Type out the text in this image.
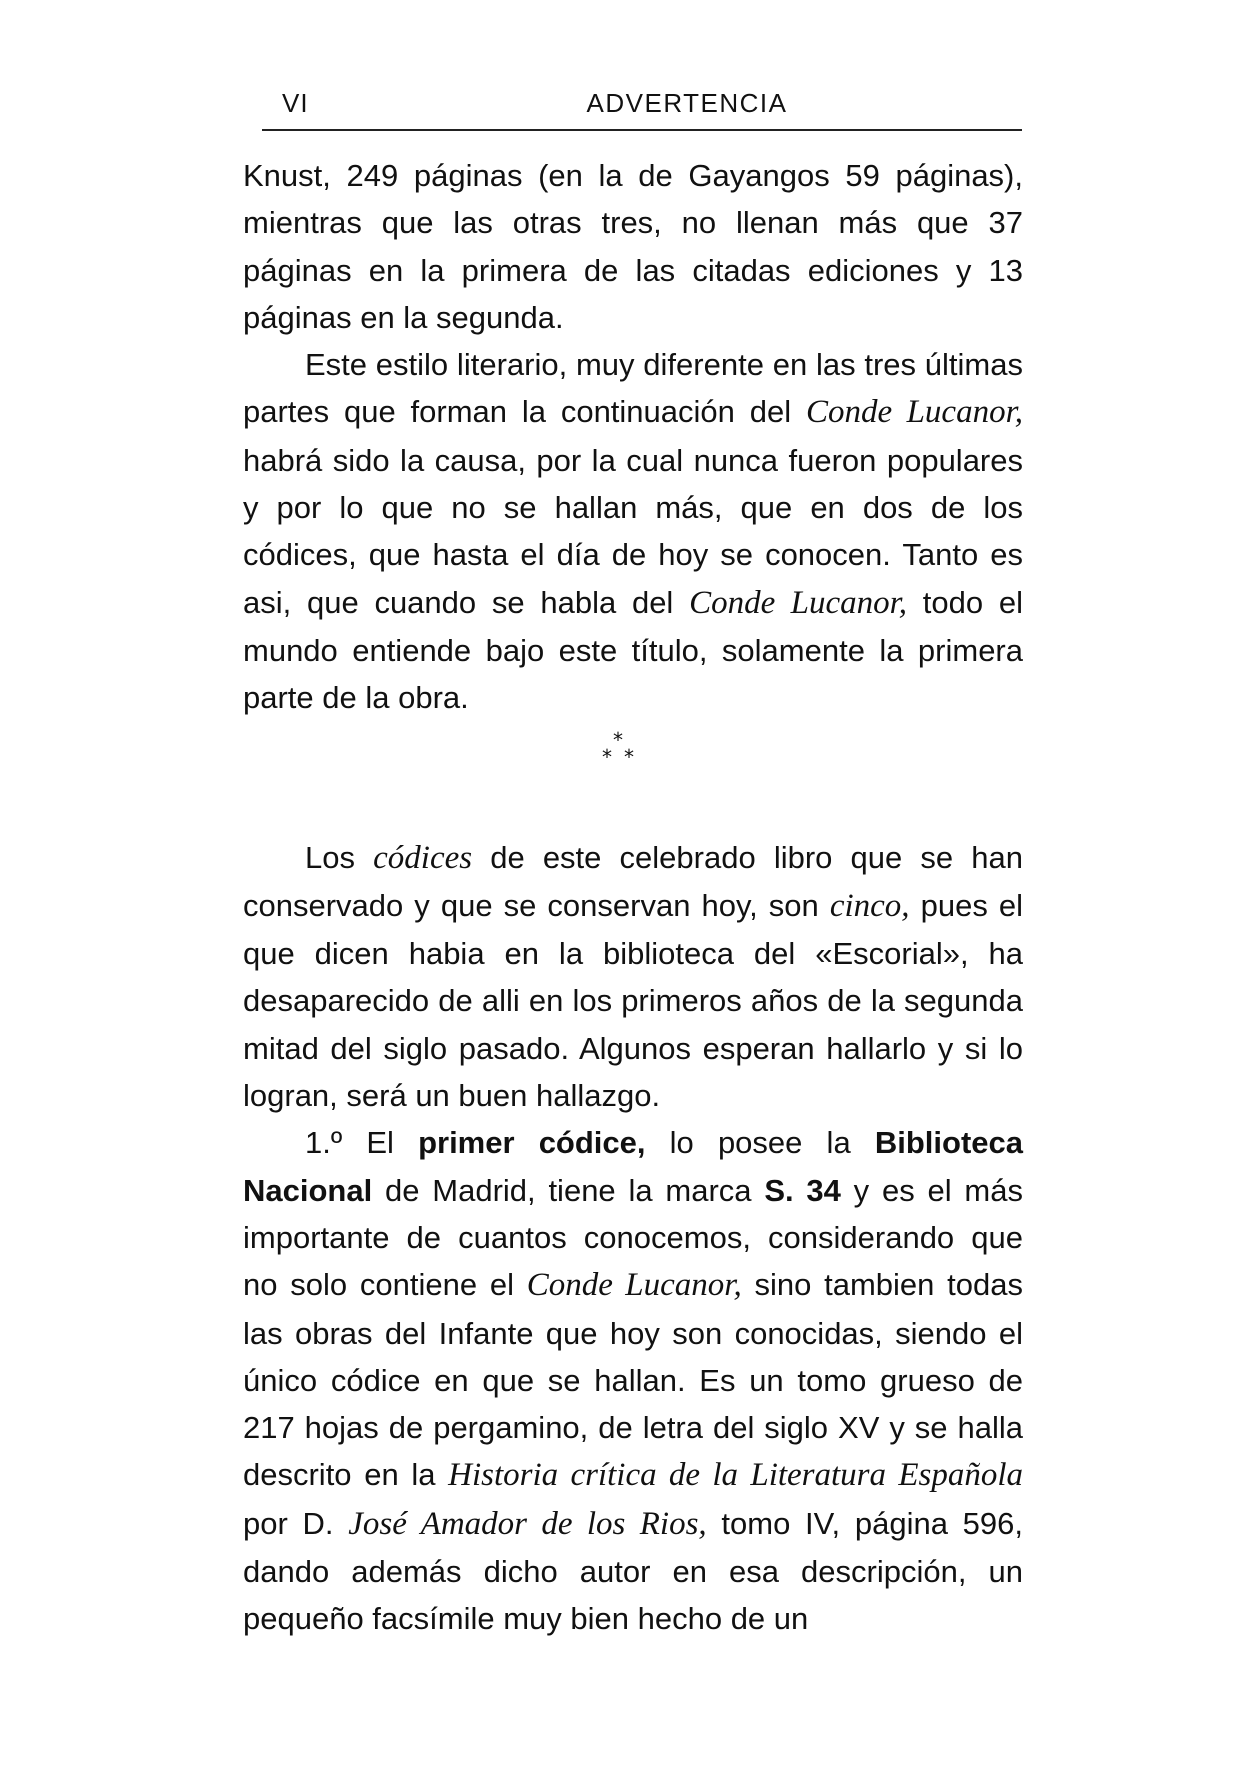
VI	ADVERTENCIA

Knust, 249 páginas (en la de Gayangos 59 páginas), mientras que las otras tres, no llenan más que 37 páginas en la primera de las citadas ediciones y 13 páginas en la segunda.

Este estilo literario, muy diferente en las tres últimas partes que forman la continuación del Conde Lucanor, habrá sido la causa, por la cual nunca fueron populares y por lo que no se hallan más, que en dos de los códices, que hasta el día de hoy se conocen. Tanto es asi, que cuando se habla del Conde Lucanor, todo el mundo entiende bajo este título, solamente la primera parte de la obra.

*
* *

Los códices de este celebrado libro que se han conservado y que se conservan hoy, son cinco, pues el que dicen habia en la biblioteca del «Escorial», ha desaparecido de alli en los primeros años de la segunda mitad del siglo pasado. Algunos esperan hallarlo y si lo logran, será un buen hallazgo.

1.º El primer códice, lo posee la Biblioteca Nacional de Madrid, tiene la marca S. 34 y es el más importante de cuantos conocemos, considerando que no solo contiene el Conde Lucanor, sino tambien todas las obras del Infante que hoy son conocidas, siendo el único códice en que se hallan. Es un tomo grueso de 217 hojas de pergamino, de letra del siglo XV y se halla descrito en la Historia crítica de la Literatura Española por D. José Amador de los Rios, tomo IV, página 596, dando además dicho autor en esa descripción, un pequeño facsímile muy bien hecho de un
